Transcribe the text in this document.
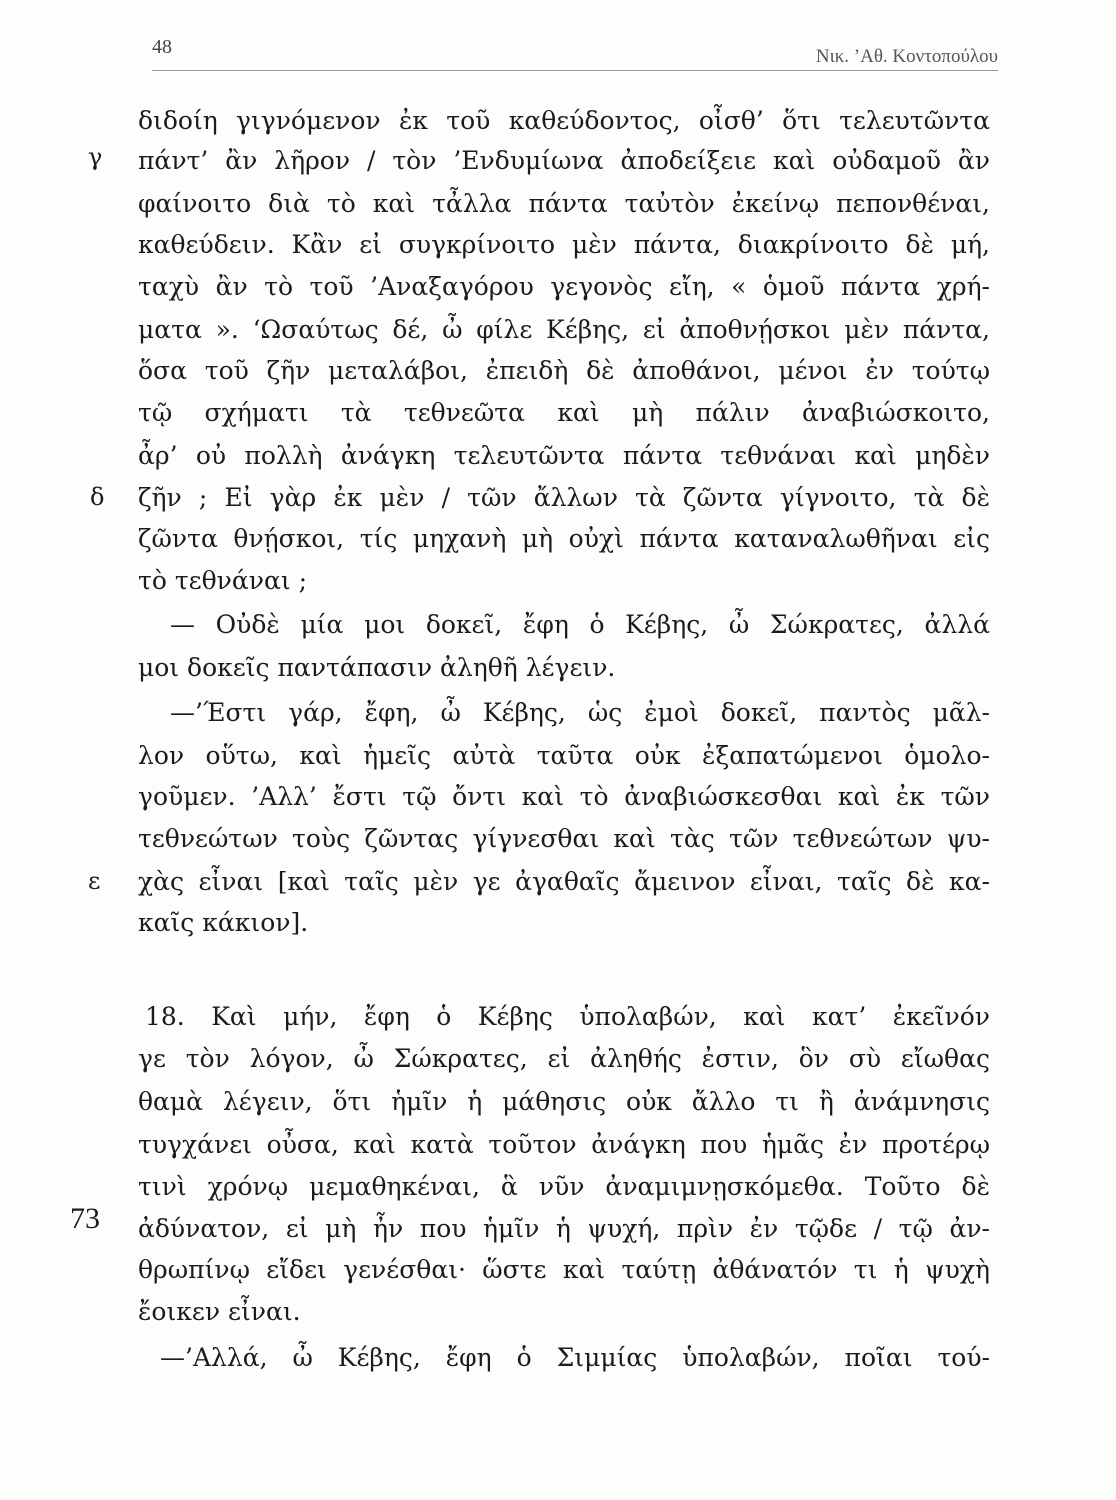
48	Νικ. ’Αθ. Κοντοπούλου
γ
δ
ε
73
διδοίη γιγνόμενον ἐκ τοῦ καθεύδοντος, οἶσθ’ ὅτι τελευτῶντα
πάντ’ ἂν λῆρον / τὸν ’Ενδυμίωνα ἀποδείξειε καὶ οὐδαμοῦ ἂν
φαίνοιτο διὰ τὸ καὶ τἆλλα πάντα ταὐτὸν ἐκείνῳ πεπονθέναι,
καθεύδειν. Κἂν εἰ συγκρίνοιτο μὲν πάντα, διακρίνοιτο δὲ μή,
ταχὺ ἂν τὸ τοῦ ’Αναξαγόρου γεγονὸς εἴη, « ὁμοῦ πάντα χρή-
ματα ». ‘Ωσαύτως δέ, ὦ φίλε Κέβης, εἰ ἀποθνῄσκοι μὲν πάντα,
ὅσα τοῦ ζῆν μεταλάβοι, ἐπειδὴ δὲ ἀποθάνοι, μένοι ἐν τούτῳ
τῷ σχήματι τὰ τεθνεῶτα καὶ μὴ πάλιν ἀναβιώσκοιτο,
ἆρ’ οὐ πολλὴ ἀνάγκη τελευτῶντα πάντα τεθνάναι καὶ μηδὲν
ζῆν ; Εἰ γὰρ ἐκ μὲν / τῶν ἄλλων τὰ ζῶντα γίγνοιτο, τὰ δὲ
ζῶντα θνῄσκοι, τίς μηχανὴ μὴ οὐχὶ πάντα καταναλωθῆναι εἰς
τὸ τεθνάναι ;
— Οὐδὲ μία μοι δοκεῖ, ἔφη ὁ Κέβης, ὦ Σώκρατες, ἀλλά
μοι δοκεῖς παντάπασιν ἀληθῆ λέγειν.
—’Έστι γάρ, ἔφη, ὦ Κέβης, ὡς ἐμοὶ δοκεῖ, παντὸς μᾶλ-
λον οὕτω, καὶ ἡμεῖς αὐτὰ ταῦτα οὐκ ἐξαπατώμενοι ὁμολο-
γοῦμεν. ’Αλλ’ ἔστι τῷ ὄντι καὶ τὸ ἀναβιώσκεσθαι καὶ ἐκ τῶν
τεθνεώτων τοὺς ζῶντας γίγνεσθαι καὶ τὰς τῶν τεθνεώτων ψυ-
χὰς εἶναι [καὶ ταῖς μὲν γε ἀγαθαῖς ἄμεινον εἶναι, ταῖς δὲ κα-
καῖς κάκιον].
18. Καὶ μήν, ἔφη ὁ Κέβης ὑπολαβών, καὶ κατ’ ἐκεῖνόν
γε τὸν λόγον, ὦ Σώκρατες, εἰ ἀληθής ἐστιν, ὃν σὺ εἴωθας
θαμὰ λέγειν, ὅτι ἡμῖν ἡ μάθησις οὐκ ἄλλο τι ἢ ἀνάμνησις
τυγχάνει οὖσα, καὶ κατὰ τοῦτον ἀνάγκη που ἡμᾶς ἐν προτέρῳ
τινὶ χρόνῳ μεμαθηκέναι, ἃ νῦν ἀναμιμνῃσκόμεθα. Τοῦτο δὲ
ἀδύνατον, εἰ μὴ ἦν που ἡμῖν ἡ ψυχή, πρὶν ἐν τῷδε / τῷ ἀν-
θρωπίνῳ εἴδει γενέσθαι· ὥστε καὶ ταύτῃ ἀθάνατόν τι ἡ ψυχὴ
ἔοικεν εἶναι.
—’Αλλά, ὦ Κέβης, ἔφη ὁ Σιμμίας ὑπολαβών, ποῖαι τού-
